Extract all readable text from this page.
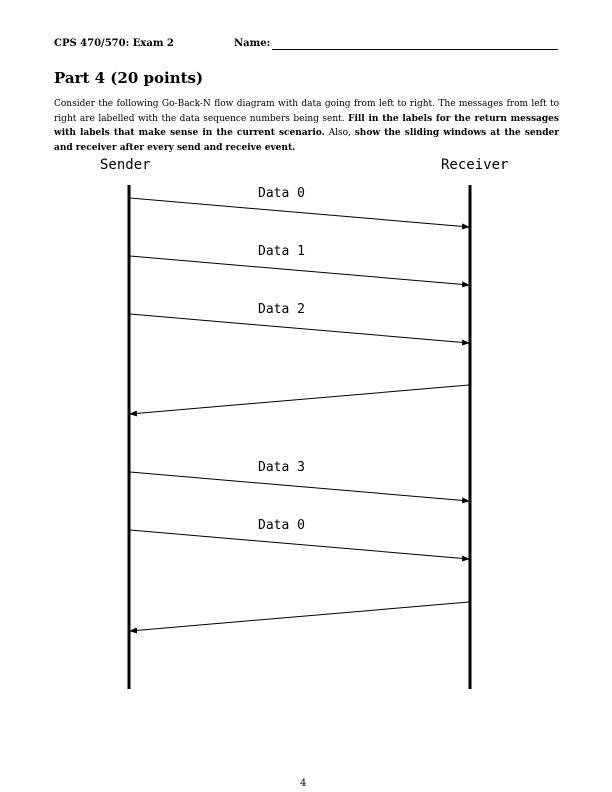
CPS 470/570: Exam 2	Name:
Part 4 (20 points)
Consider the following Go-Back-N flow diagram with data going from left to right. The messages from left to right are labelled with the data sequence numbers being sent. Fill in the labels for the return messages with labels that make sense in the current scenario. Also, show the sliding windows at the sender and receiver after every send and receive event.
Sender	Receiver
Data 0
Data 1
Data 2
Data 3
Data 0
4
